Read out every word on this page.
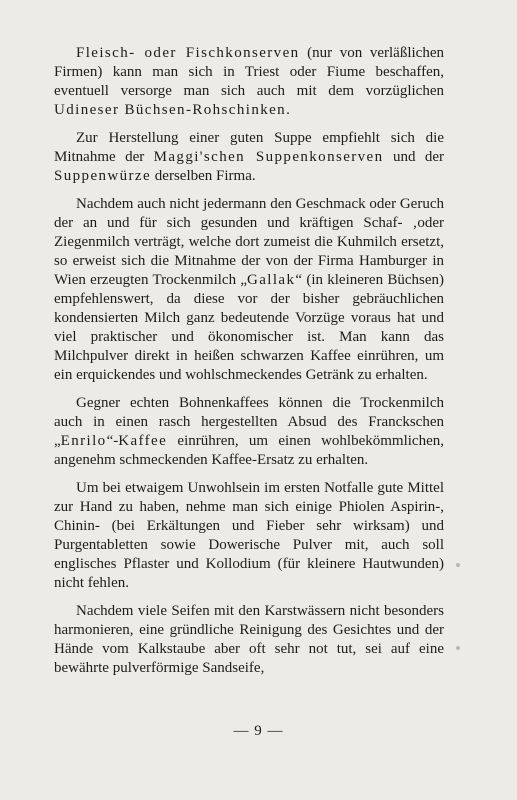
Fleisch- oder Fischkonserven (nur von verläßlichen Firmen) kann man sich in Triest oder Fiume beschaffen, eventuell versorge man sich auch mit dem vorzüglichen Udineser Büchsen-Rohschinken.

Zur Herstellung einer guten Suppe empfiehlt sich die Mitnahme der Maggi'schen Suppenkonserven und der Suppenwürze derselben Firma.

Nachdem auch nicht jedermann den Geschmack oder Geruch der an und für sich gesunden und kräftigen Schaf- ‚oder Ziegenmilch verträgt, welche dort zumeist die Kuhmilch ersetzt, so erweist sich die Mitnahme der von der Firma Hamburger in Wien erzeugten Trockenmilch „Gallak“ (in kleineren Büchsen) empfehlenswert, da diese vor der bisher gebräuchlichen kondensierten Milch ganz bedeutende Vorzüge voraus hat und viel praktischer und ökonomischer ist. Man kann das Milchpulver direkt in heißen schwarzen Kaffee einrühren, um ein erquickendes und wohlschmeckendes Getränk zu erhalten.

Gegner echten Bohnenkaffees können die Trockenmilch auch in einen rasch hergestellten Absud des Franckschen „Enrilo“-Kaffee einrühren, um einen wohlbekömmlichen, angenehm schmeckenden Kaffee-Ersatz zu erhalten.

Um bei etwaigem Unwohlsein im ersten Notfalle gute Mittel zur Hand zu haben, nehme man sich einige Phiolen Aspirin-, Chinin- (bei Erkältungen und Fieber sehr wirksam) und Purgentabletten sowie Dowerische Pulver mit, auch soll englisches Pflaster und Kollodium (für kleinere Hautwunden) nicht fehlen.

Nachdem viele Seifen mit den Karstwässern nicht besonders harmonieren, eine gründliche Reinigung des Gesichtes und der Hände vom Kalkstaube aber oft sehr not tut, sei auf eine bewährte pulverförmige Sandseife,

— 9 —
